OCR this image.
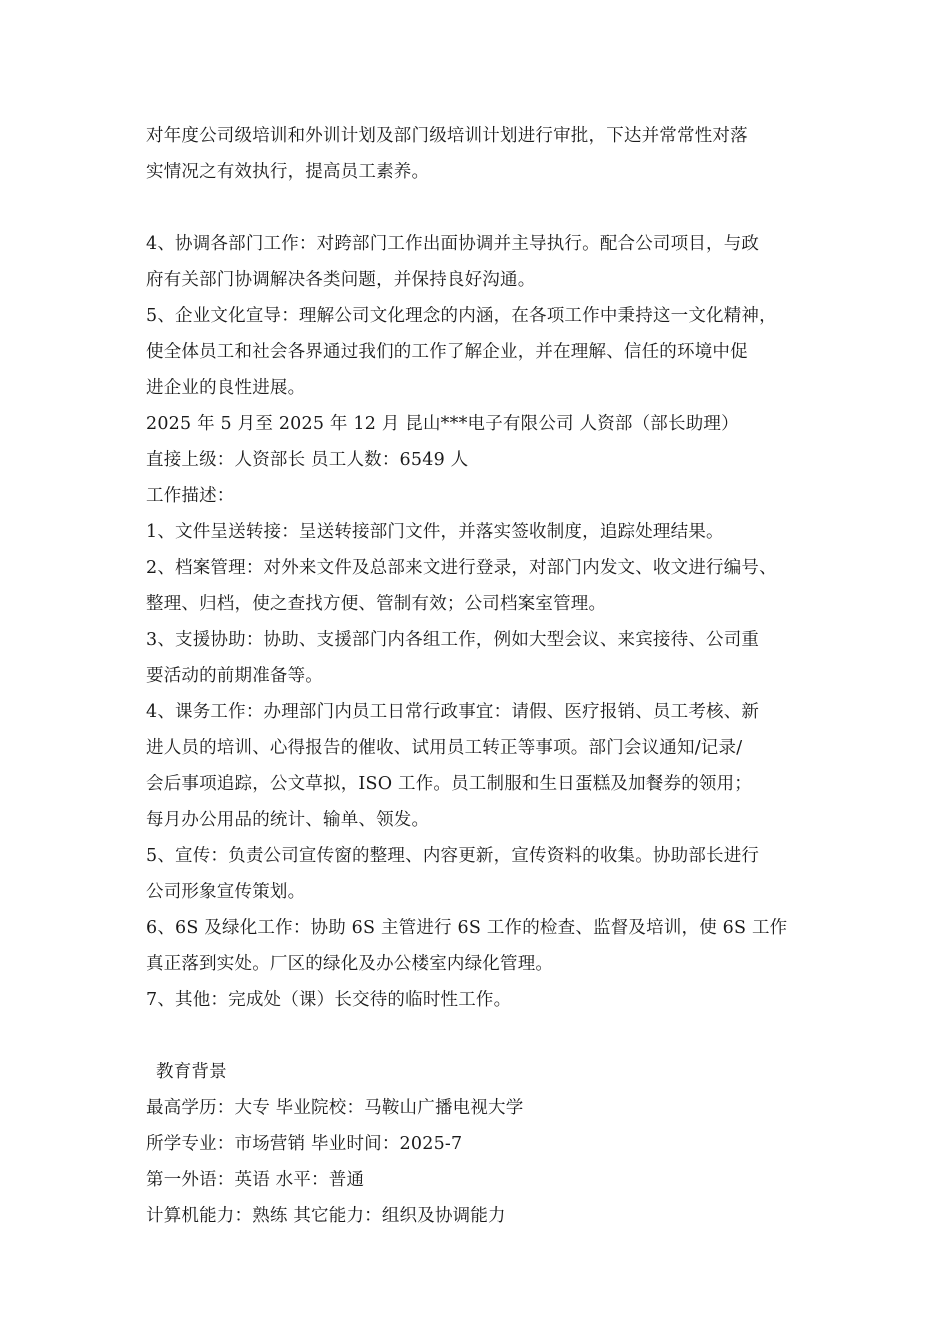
对年度公司级培训和外训计划及部门级培训计划进行审批，下达并常常性对落
实情况之有效执行，提高员工素养。
4、协调各部门工作：对跨部门工作出面协调并主导执行。配合公司项目，与政
府有关部门协调解决各类问题，并保持良好沟通。
5、企业文化宣导：理解公司文化理念的内涵，在各项工作中秉持这一文化精神，
使全体员工和社会各界通过我们的工作了解企业，并在理解、信任的环境中促
进企业的良性进展。
2025 年 5 月至 2025 年 12 月 昆山***电子有限公司 人资部（部长助理）
直接上级：人资部长 员工人数：6549 人
工作描述：
1、文件呈送转接：呈送转接部门文件，并落实签收制度，追踪处理结果。
2、档案管理：对外来文件及总部来文进行登录，对部门内发文、收文进行编号、
整理、归档，使之查找方便、管制有效；公司档案室管理。
3、支援协助：协助、支援部门内各组工作，例如大型会议、来宾接待、公司重
要活动的前期准备等。
4、课务工作：办理部门内员工日常行政事宜：请假、医疗报销、员工考核、新
进人员的培训、心得报告的催收、试用员工转正等事项。部门会议通知/记录/
会后事项追踪，公文草拟，ISO 工作。员工制服和生日蛋糕及加餐券的领用；
每月办公用品的统计、输单、领发。
5、宣传：负责公司宣传窗的整理、内容更新，宣传资料的收集。协助部长进行
公司形象宣传策划。
6、6S 及绿化工作：协助 6S 主管进行 6S 工作的检查、监督及培训，使 6S 工作
真正落到实处。厂区的绿化及办公楼室内绿化管理。
7、其他：完成处（课）长交待的临时性工作。
教育背景
最高学历：大专 毕业院校：马鞍山广播电视大学
所学专业：市场营销 毕业时间：2025-7
第一外语：英语 水平：普通
计算机能力：熟练 其它能力：组织及协调能力
